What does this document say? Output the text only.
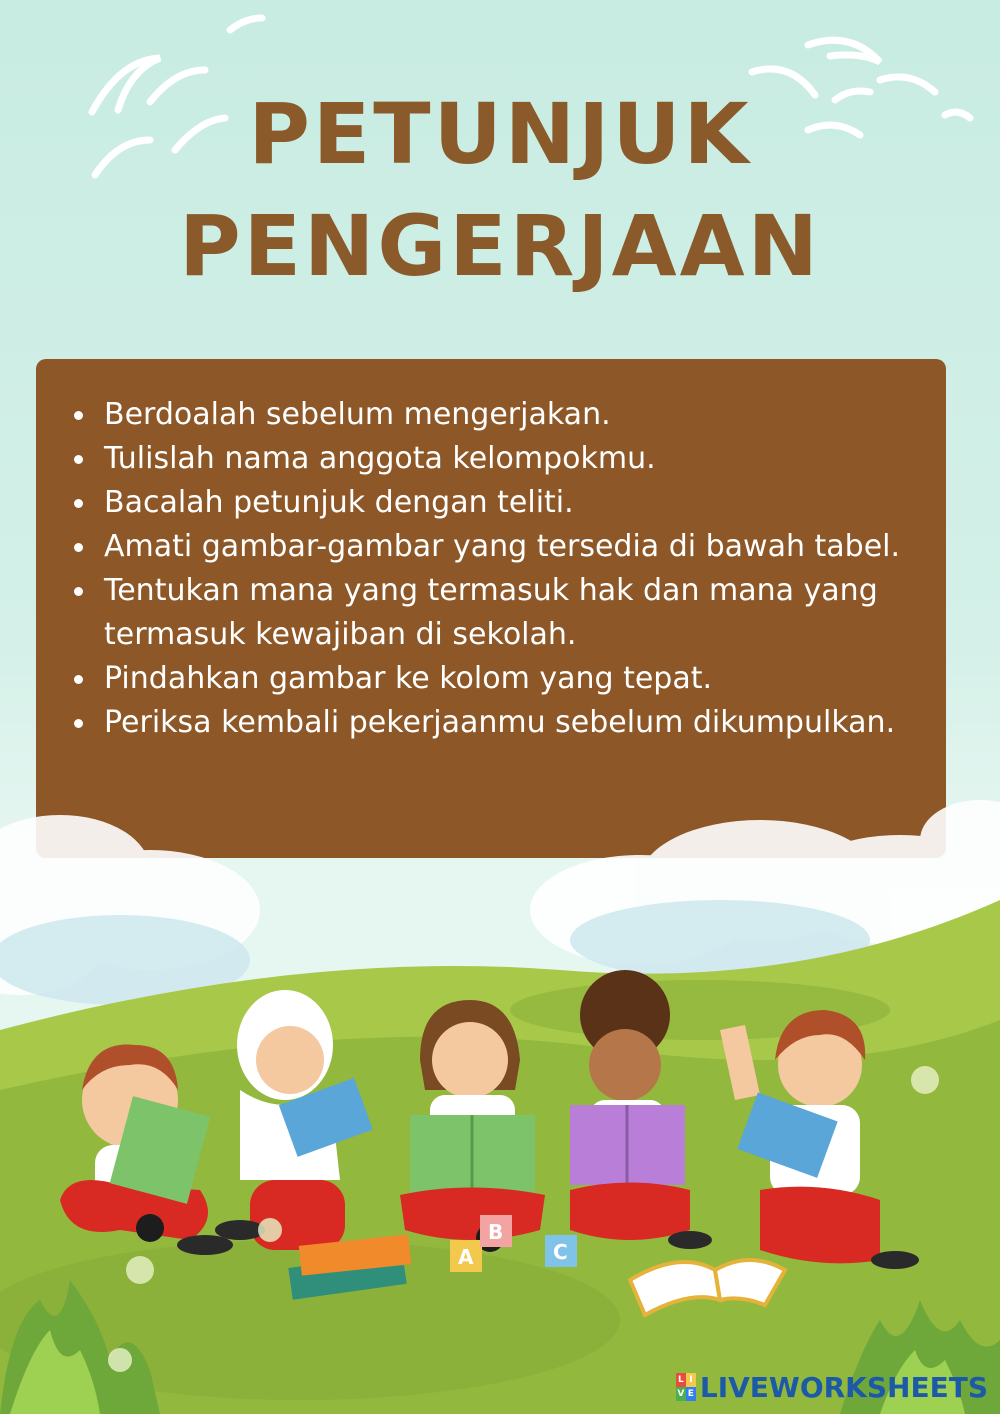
PETUNJUK
PENGERJAAN
Berdoalah sebelum mengerjakan.
Tulislah nama anggota kelompokmu.
Bacalah petunjuk dengan teliti.
Amati gambar-gambar yang tersedia di bawah tabel.
Tentukan mana yang termasuk hak dan mana yang termasuk kewajiban di sekolah.
Pindahkan gambar ke kolom yang tepat.
Periksa kembali pekerjaanmu sebelum dikumpulkan.
A
B
C
L I
V E LIVEWORKSHEETS
